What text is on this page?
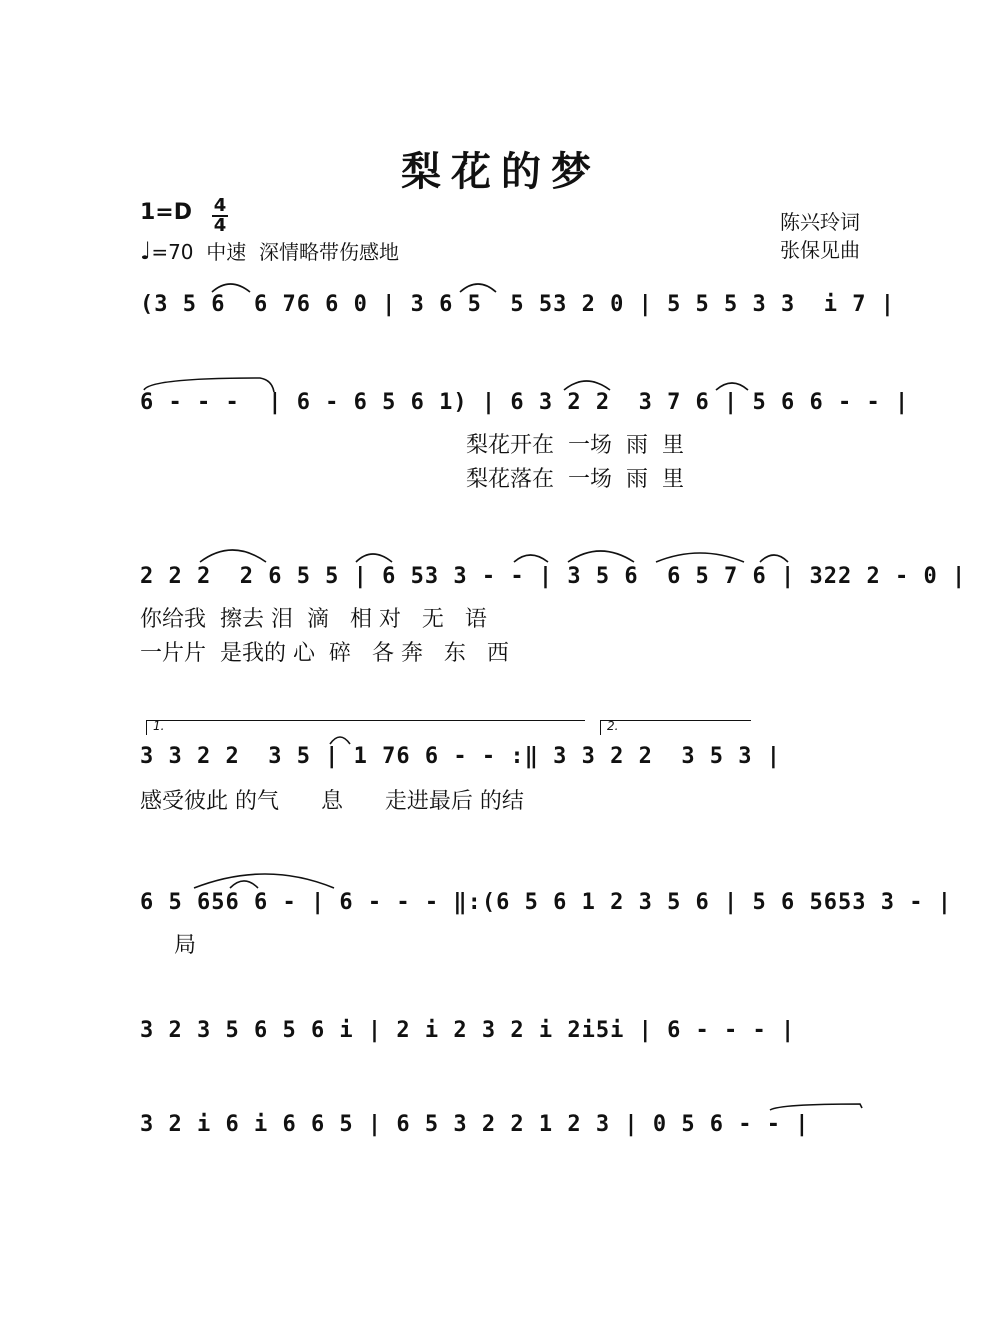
梨花的梦
1=D 4
4
♩=70  中速  深情略带伤感地
陈兴玲词
张保见曲
(3 5 6  6 76 6 0 | 3 6 5  5 53 2 0 | 5 5 5 3 3  i 7 |
6 - - -  | 6 - 6 5 6 1) | 6 3 2 2  3 7 6 | 5 6 6 - - |
梨花开在  一场  雨  里
梨花落在  一场  雨  里
2 2 2  2 6 5 5 | 6 53 3 - - | 3 5 6  6 5 7 6 | 322 2 - 0 |
你给我  擦去 泪  滴   相 对   无   语
一片片  是我的 心  碎   各 奔   东   西
1.	2.
3 3 2 2  3 5 | 1 76 6 - - :‖ 3 3 2 2  3 5 3 |
感受彼此 的气      息      走进最后 的结
6 5 656 6 - | 6 - - - ‖:(6 5 6 1 2 3 5 6 | 5 6 5653 3 - |
局
3 2 3 5 6 5 6 i | 2 i 2 3 2 i 2i5i | 6 - - - |
3 2 i 6 i 6 6 5 | 6 5 3 2 2 1 2 3 | 0 5 6 - - |
